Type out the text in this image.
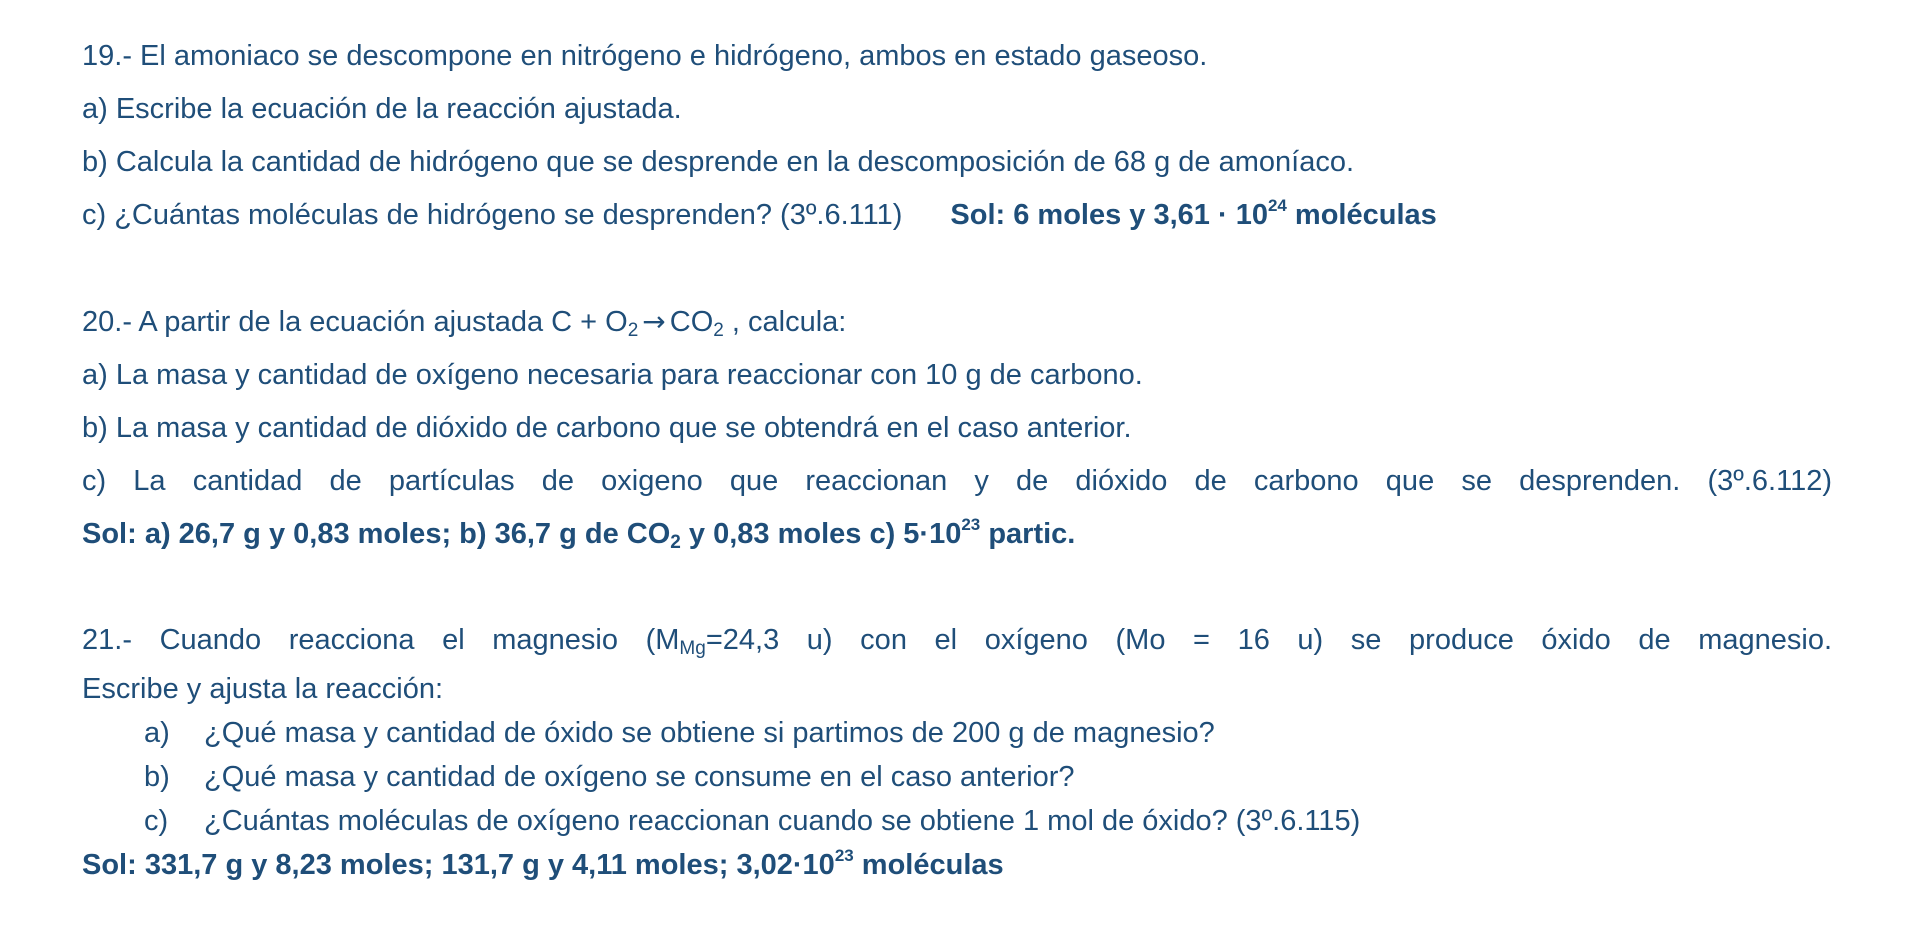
19.- El amoniaco se descompone en nitrógeno e hidrógeno, ambos en estado gaseoso.
a) Escribe la ecuación de la reacción ajustada.
b) Calcula la cantidad de hidrógeno que se desprende en la descomposición de 68 g de amoníaco.
c) ¿Cuántas moléculas de hidrógeno se desprenden? (3º.6.111) Sol: 6 moles y $3,61 \cdot 10^{24}$ moléculas
20.- A partir de la ecuación ajustada $C + O_2 \to CO_2$ , calcula:
a) La masa y cantidad de oxígeno necesaria para reaccionar con 10 g de carbono.
b) La masa y cantidad de dióxido de carbono que se obtendrá en el caso anterior.
c) La cantidad de partículas de oxigeno que reaccionan y de dióxido de carbono que se desprenden. (3º.6.112)
Sol: a) 26,7 g y 0,83 moles; b) 36,7 g de $CO_2$ y 0,83 moles c) $5\cdot 10^{23}$ partic.
21.- Cuando reacciona el magnesio ($M_{Mg}=24,3$ u) con el oxígeno (Mo = 16 u) se produce óxido de magnesio.
Escribe y ajusta la reacción:
a) ¿Qué masa y cantidad de óxido se obtiene si partimos de 200 g de magnesio?
b) ¿Qué masa y cantidad de oxígeno se consume en el caso anterior?
c) ¿Cuántas moléculas de oxígeno reaccionan cuando se obtiene 1 mol de óxido? (3º.6.115)
Sol: 331,7 g y 8,23 moles; 131,7 g y 4,11 moles; $3,02\cdot 10^{23}$ moléculas
